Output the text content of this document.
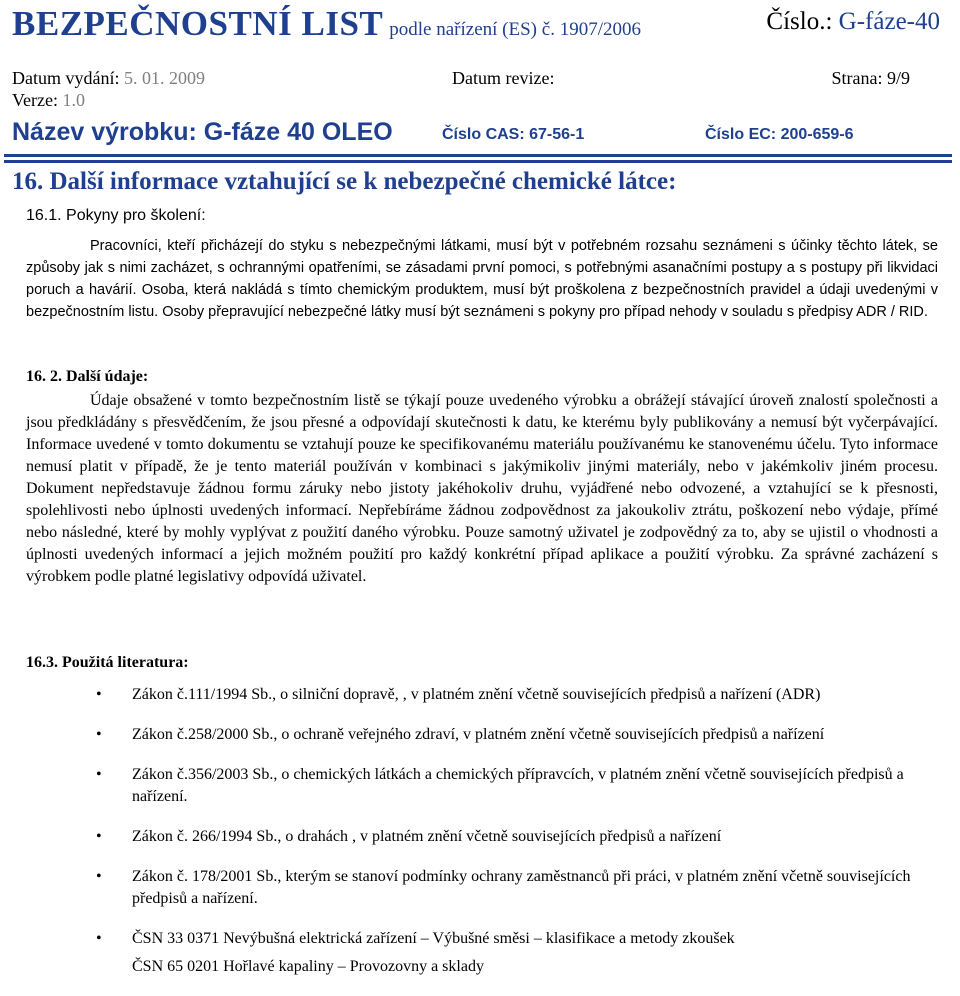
BEZPEČNOSTNÍ LIST podle nařízení (ES) č. 1907/2006	Číslo.: G-fáze-40
Datum vydání: 5. 01. 2009	Datum revize:	Strana: 9/9
Verze: 1.0
Název výrobku: G-fáze 40 OLEO	Číslo CAS: 67-56-1	Číslo EC: 200-659-6
16. Další informace vztahující se k nebezpečné chemické látce:
16.1. Pokyny pro školení:

Pracovníci, kteří přicházejí do styku s nebezpečnými látkami, musí být v potřebném rozsahu seznámeni s účinky těchto látek, se způsoby jak s nimi zacházet, s ochrannými opatřeními, se zásadami první pomoci, s potřebnými asanačními postupy a s postupy při likvidaci poruch a havárií. Osoba, která nakládá s tímto chemickým produktem, musí být proškolena z bezpečnostních pravidel a údaji uvedenými v bezpečnostním listu. Osoby přepravující nebezpečné látky musí být seznámeni s pokyny pro případ nehody v souladu s předpisy ADR / RID.

16. 2. Další údaje:

Údaje obsažené v tomto bezpečnostním listě se týkají pouze uvedeného výrobku a obrážejí stávající úroveň znalostí společnosti a jsou předkládány s přesvědčením, že jsou přesné a odpovídají skutečnosti k datu, ke kterému byly publikovány a nemusí být vyčerpávající. Informace uvedené v tomto dokumentu se vztahují pouze ke specifikovanému materiálu používanému ke stanovenému účelu. Tyto informace nemusí platit v případě, že je tento materiál používán v kombinaci s jakýmikoliv jinými materiály, nebo v jakémkoliv jiném procesu. Dokument nepředstavuje žádnou formu záruky nebo jistoty jakéhokoliv druhu, vyjádřené nebo odvozené, a vztahující se k přesnosti, spolehlivosti nebo úplnosti uvedených informací. Nepřebíráme žádnou zodpovědnost za jakoukoliv ztrátu, poškození nebo výdaje, přímé nebo následné, které by mohly vyplývat z použití daného výrobku. Pouze samotný uživatel je zodpovědný za to, aby se ujistil o vhodnosti a úplnosti uvedených informací a jejich možném použití pro každý konkrétní případ aplikace a použití výrobku. Za správné zacházení s výrobkem podle platné legislativy odpovídá uživatel.

16.3. Použitá literatura:
• Zákon č.111/1994 Sb., o silniční dopravě, , v platném znění včetně souvisejících předpisů a nařízení (ADR)
• Zákon č.258/2000 Sb., o ochraně veřejného zdraví, v platném znění včetně souvisejících předpisů a nařízení
• Zákon č.356/2003 Sb., o chemických látkách a chemických přípravcích, v platném znění včetně souvisejících předpisů a nařízení.
• Zákon č. 266/1994 Sb., o drahách , v platném znění včetně souvisejících předpisů a nařízení
• Zákon č. 178/2001 Sb., kterým se stanoví podmínky ochrany zaměstnanců při práci, v platném znění včetně souvisejících předpisů a nařízení.
• ČSN 33 0371 Nevýbušná elektrická zařízení – Výbušné směsi – klasifikace a metody zkoušek
ČSN 65 0201 Hořlavé kapaliny – Provozovny a sklady
